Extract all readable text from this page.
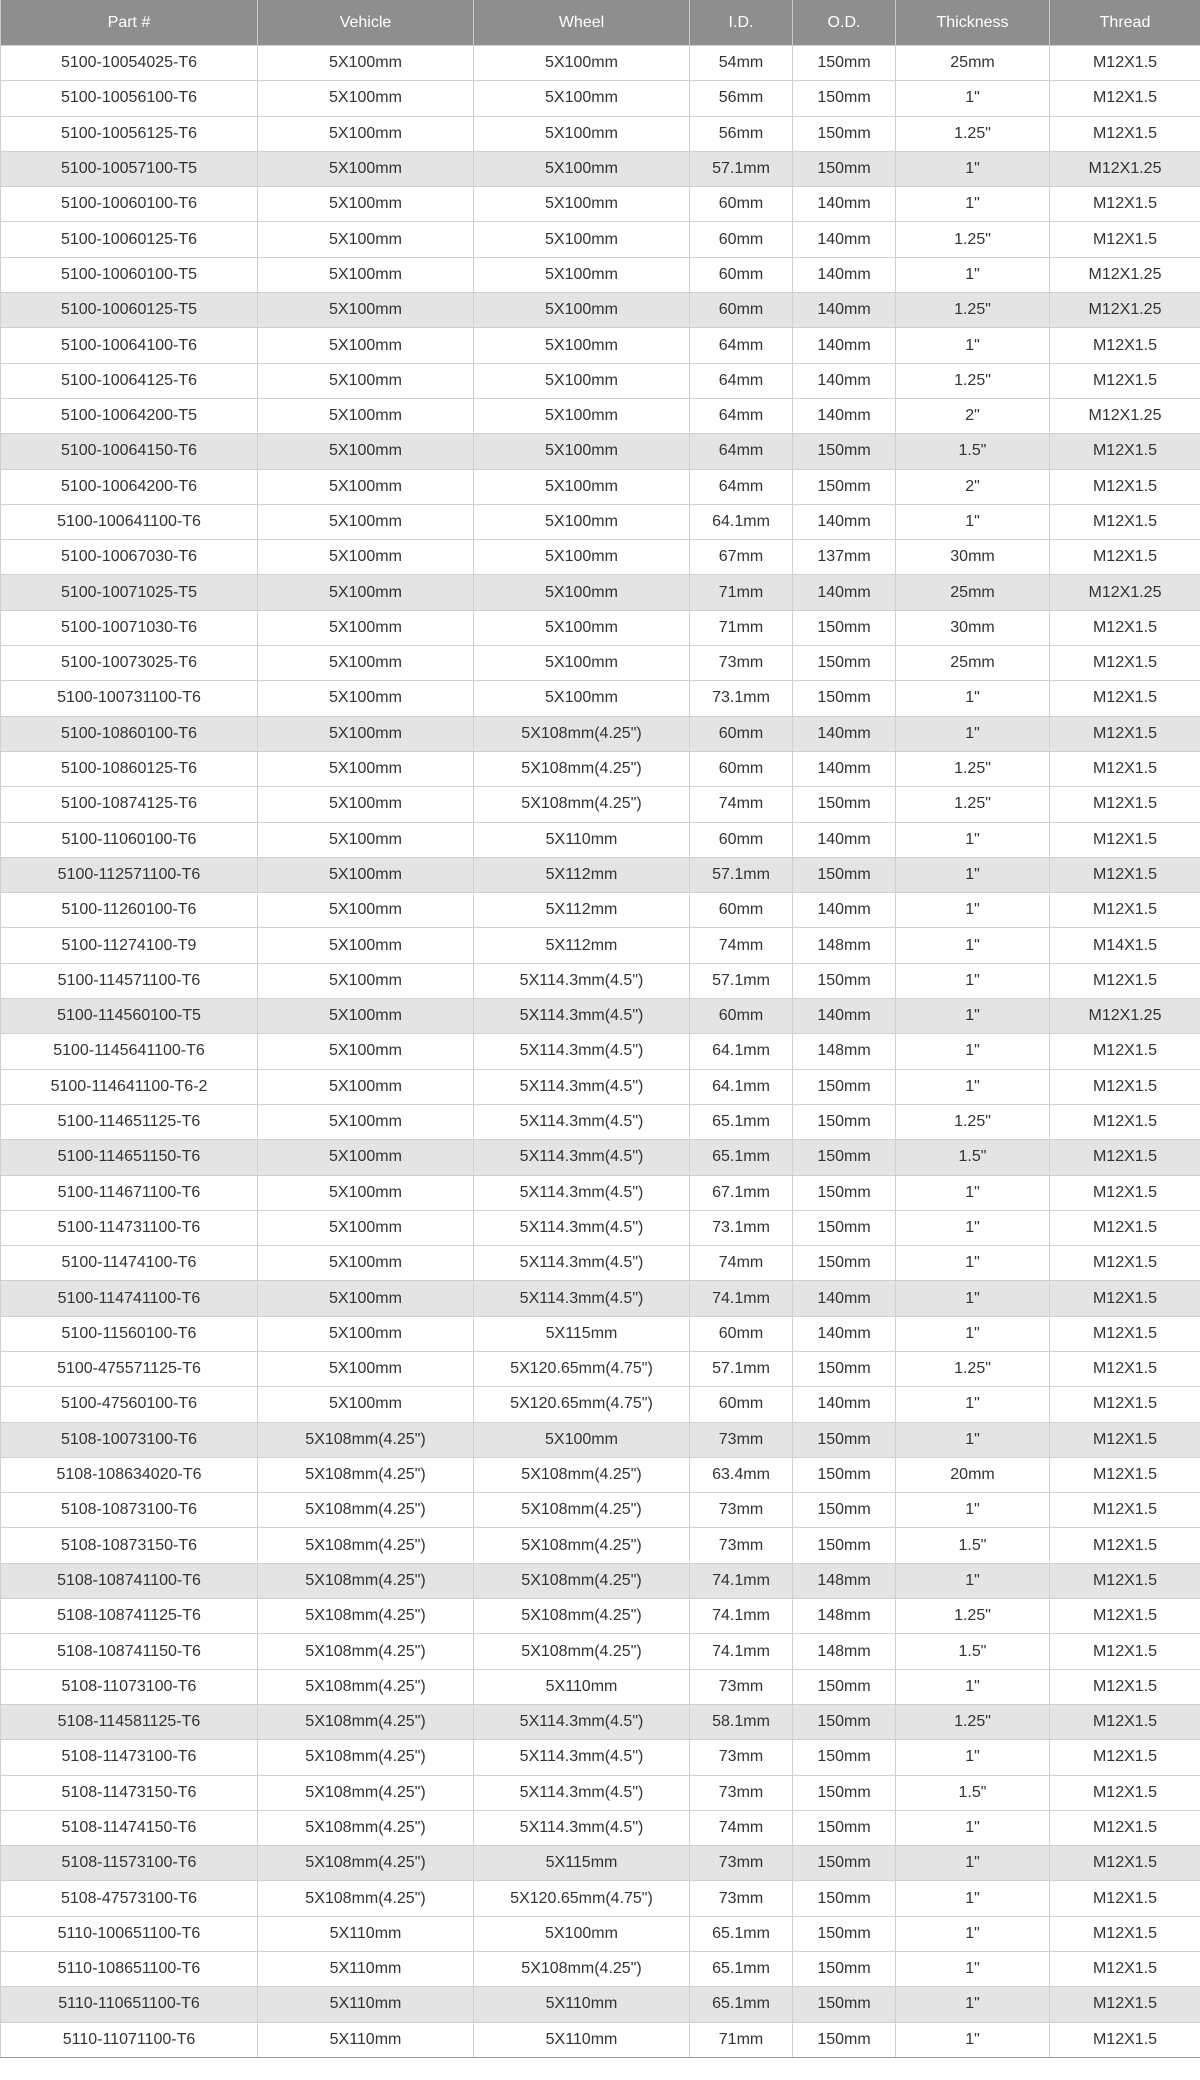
Part #	Vehicle	Wheel	I.D.	O.D.	Thickness	Thread
5100-10054025-T6	5X100mm	5X100mm	54mm	150mm	25mm	M12X1.5
5100-10056100-T6	5X100mm	5X100mm	56mm	150mm	1"	M12X1.5
5100-10056125-T6	5X100mm	5X100mm	56mm	150mm	1.25"	M12X1.5
5100-10057100-T5	5X100mm	5X100mm	57.1mm	150mm	1"	M12X1.25
5100-10060100-T6	5X100mm	5X100mm	60mm	140mm	1"	M12X1.5
5100-10060125-T6	5X100mm	5X100mm	60mm	140mm	1.25"	M12X1.5
5100-10060100-T5	5X100mm	5X100mm	60mm	140mm	1"	M12X1.25
5100-10060125-T5	5X100mm	5X100mm	60mm	140mm	1.25"	M12X1.25
5100-10064100-T6	5X100mm	5X100mm	64mm	140mm	1"	M12X1.5
5100-10064125-T6	5X100mm	5X100mm	64mm	140mm	1.25"	M12X1.5
5100-10064200-T5	5X100mm	5X100mm	64mm	140mm	2"	M12X1.25
5100-10064150-T6	5X100mm	5X100mm	64mm	150mm	1.5"	M12X1.5
5100-10064200-T6	5X100mm	5X100mm	64mm	150mm	2"	M12X1.5
5100-100641100-T6	5X100mm	5X100mm	64.1mm	140mm	1"	M12X1.5
5100-10067030-T6	5X100mm	5X100mm	67mm	137mm	30mm	M12X1.5
5100-10071025-T5	5X100mm	5X100mm	71mm	140mm	25mm	M12X1.25
5100-10071030-T6	5X100mm	5X100mm	71mm	150mm	30mm	M12X1.5
5100-10073025-T6	5X100mm	5X100mm	73mm	150mm	25mm	M12X1.5
5100-100731100-T6	5X100mm	5X100mm	73.1mm	150mm	1"	M12X1.5
5100-10860100-T6	5X100mm	5X108mm(4.25")	60mm	140mm	1"	M12X1.5
5100-10860125-T6	5X100mm	5X108mm(4.25")	60mm	140mm	1.25"	M12X1.5
5100-10874125-T6	5X100mm	5X108mm(4.25")	74mm	150mm	1.25"	M12X1.5
5100-11060100-T6	5X100mm	5X110mm	60mm	140mm	1"	M12X1.5
5100-112571100-T6	5X100mm	5X112mm	57.1mm	150mm	1"	M12X1.5
5100-11260100-T6	5X100mm	5X112mm	60mm	140mm	1"	M12X1.5
5100-11274100-T9	5X100mm	5X112mm	74mm	148mm	1"	M14X1.5
5100-114571100-T6	5X100mm	5X114.3mm(4.5")	57.1mm	150mm	1"	M12X1.5
5100-114560100-T5	5X100mm	5X114.3mm(4.5")	60mm	140mm	1"	M12X1.25
5100-1145641100-T6	5X100mm	5X114.3mm(4.5")	64.1mm	148mm	1"	M12X1.5
5100-114641100-T6-2	5X100mm	5X114.3mm(4.5")	64.1mm	150mm	1"	M12X1.5
5100-114651125-T6	5X100mm	5X114.3mm(4.5")	65.1mm	150mm	1.25"	M12X1.5
5100-114651150-T6	5X100mm	5X114.3mm(4.5")	65.1mm	150mm	1.5"	M12X1.5
5100-114671100-T6	5X100mm	5X114.3mm(4.5")	67.1mm	150mm	1"	M12X1.5
5100-114731100-T6	5X100mm	5X114.3mm(4.5")	73.1mm	150mm	1"	M12X1.5
5100-11474100-T6	5X100mm	5X114.3mm(4.5")	74mm	150mm	1"	M12X1.5
5100-114741100-T6	5X100mm	5X114.3mm(4.5")	74.1mm	140mm	1"	M12X1.5
5100-11560100-T6	5X100mm	5X115mm	60mm	140mm	1"	M12X1.5
5100-475571125-T6	5X100mm	5X120.65mm(4.75")	57.1mm	150mm	1.25"	M12X1.5
5100-47560100-T6	5X100mm	5X120.65mm(4.75")	60mm	140mm	1"	M12X1.5
5108-10073100-T6	5X108mm(4.25")	5X100mm	73mm	150mm	1"	M12X1.5
5108-108634020-T6	5X108mm(4.25")	5X108mm(4.25")	63.4mm	150mm	20mm	M12X1.5
5108-10873100-T6	5X108mm(4.25")	5X108mm(4.25")	73mm	150mm	1"	M12X1.5
5108-10873150-T6	5X108mm(4.25")	5X108mm(4.25")	73mm	150mm	1.5"	M12X1.5
5108-108741100-T6	5X108mm(4.25")	5X108mm(4.25")	74.1mm	148mm	1"	M12X1.5
5108-108741125-T6	5X108mm(4.25")	5X108mm(4.25")	74.1mm	148mm	1.25"	M12X1.5
5108-108741150-T6	5X108mm(4.25")	5X108mm(4.25")	74.1mm	148mm	1.5"	M12X1.5
5108-11073100-T6	5X108mm(4.25")	5X110mm	73mm	150mm	1"	M12X1.5
5108-114581125-T6	5X108mm(4.25")	5X114.3mm(4.5")	58.1mm	150mm	1.25"	M12X1.5
5108-11473100-T6	5X108mm(4.25")	5X114.3mm(4.5")	73mm	150mm	1"	M12X1.5
5108-11473150-T6	5X108mm(4.25")	5X114.3mm(4.5")	73mm	150mm	1.5"	M12X1.5
5108-11474150-T6	5X108mm(4.25")	5X114.3mm(4.5")	74mm	150mm	1"	M12X1.5
5108-11573100-T6	5X108mm(4.25")	5X115mm	73mm	150mm	1"	M12X1.5
5108-47573100-T6	5X108mm(4.25")	5X120.65mm(4.75")	73mm	150mm	1"	M12X1.5
5110-100651100-T6	5X110mm	5X100mm	65.1mm	150mm	1"	M12X1.5
5110-108651100-T6	5X110mm	5X108mm(4.25")	65.1mm	150mm	1"	M12X1.5
5110-110651100-T6	5X110mm	5X110mm	65.1mm	150mm	1"	M12X1.5
5110-11071100-T6	5X110mm	5X110mm	71mm	150mm	1"	M12X1.5
